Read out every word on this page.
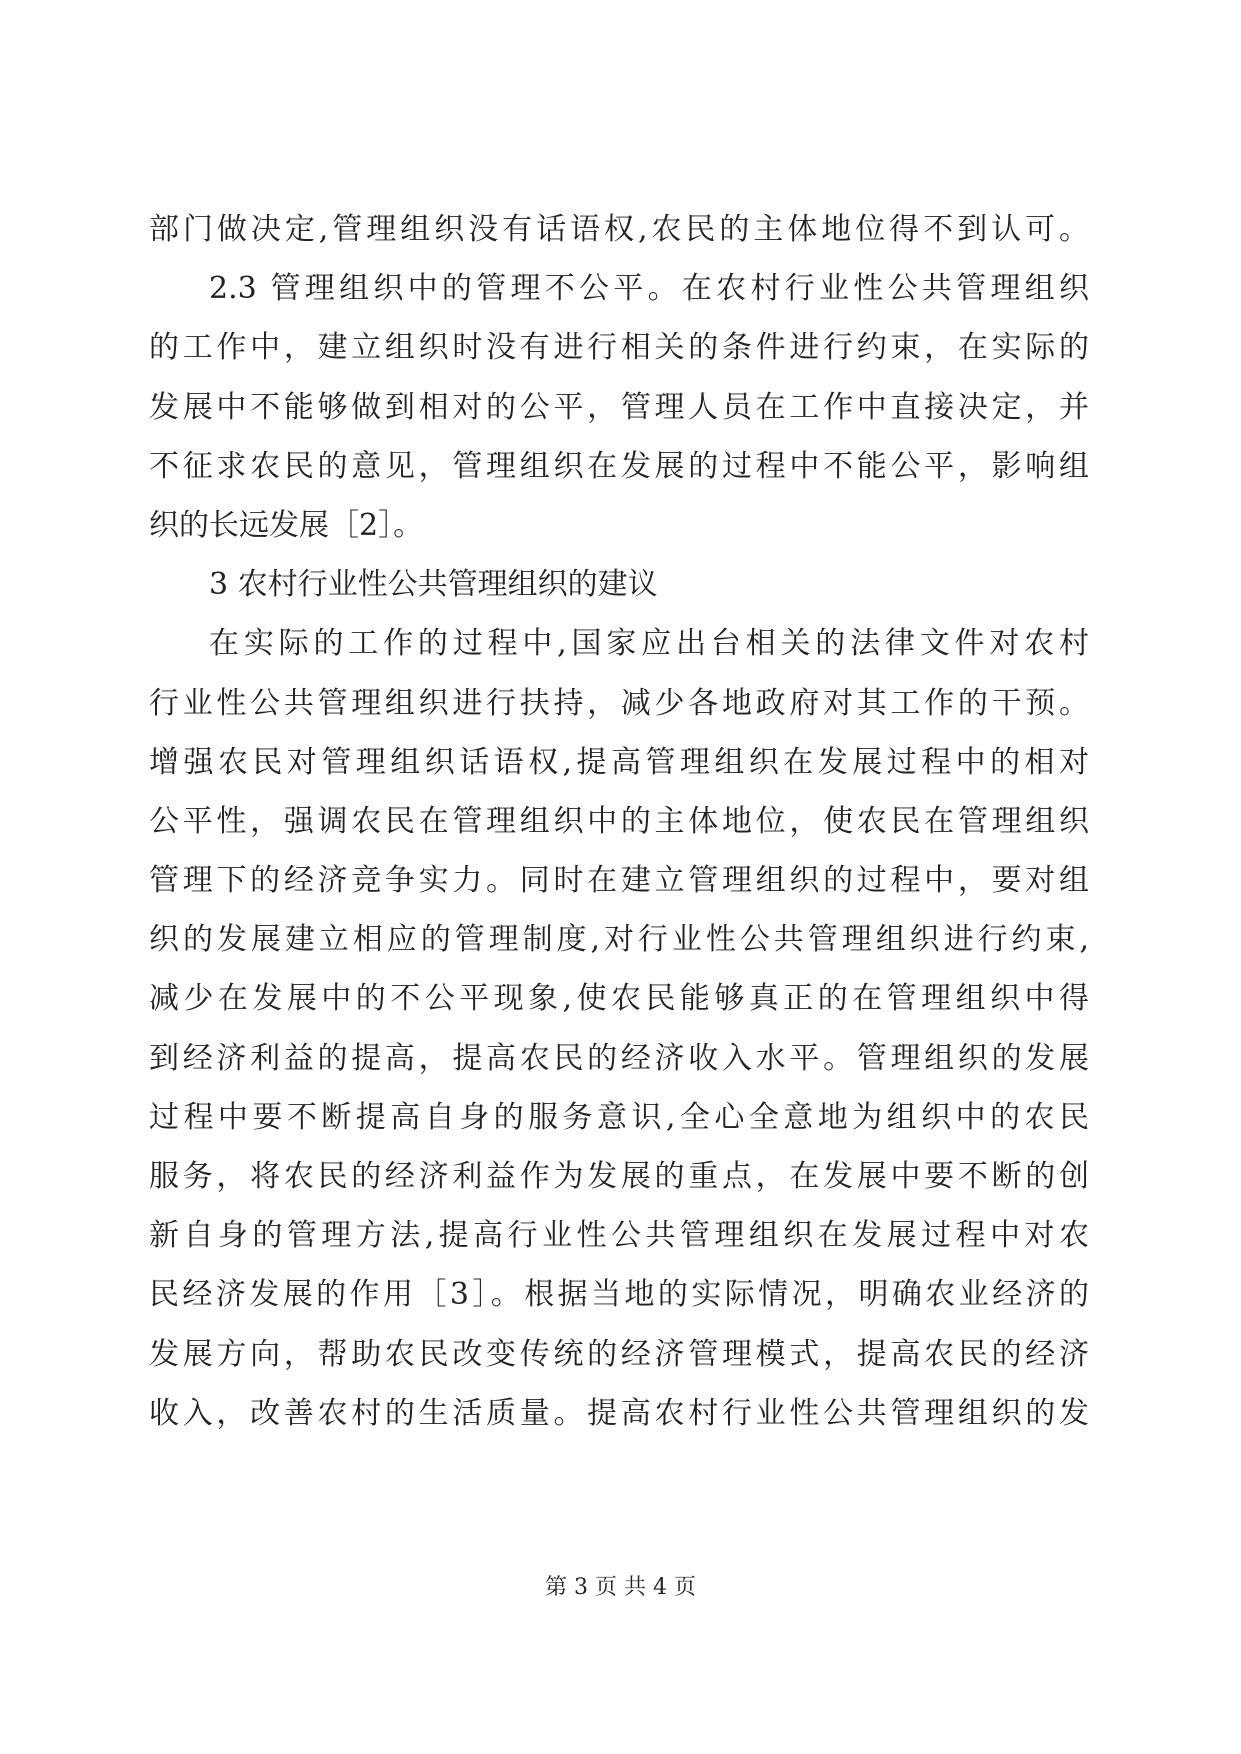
部门做决定,管理组织没有话语权,农民的主体地位得不到认可。
2.3 管理组织中的管理不公平。在农村行业性公共管理组织
的工作中，建立组织时没有进行相关的条件进行约束，在实际的
发展中不能够做到相对的公平，管理人员在工作中直接决定，并
不征求农民的意见，管理组织在发展的过程中不能公平，影响组
织的长远发展［2］。
3 农村行业性公共管理组织的建议
在实际的工作的过程中,国家应出台相关的法律文件对农村
行业性公共管理组织进行扶持，减少各地政府对其工作的干预。
增强农民对管理组织话语权,提高管理组织在发展过程中的相对
公平性，强调农民在管理组织中的主体地位，使农民在管理组织
管理下的经济竞争实力。同时在建立管理组织的过程中，要对组
织的发展建立相应的管理制度,对行业性公共管理组织进行约束,
减少在发展中的不公平现象,使农民能够真正的在管理组织中得
到经济利益的提高，提高农民的经济收入水平。管理组织的发展
过程中要不断提高自身的服务意识,全心全意地为组织中的农民
服务，将农民的经济利益作为发展的重点，在发展中要不断的创
新自身的管理方法,提高行业性公共管理组织在发展过程中对农
民经济发展的作用［3］。根据当地的实际情况，明确农业经济的
发展方向，帮助农民改变传统的经济管理模式，提高农民的经济
收入，改善农村的生活质量。提高农村行业性公共管理组织的发
第 3 页 共 4 页
